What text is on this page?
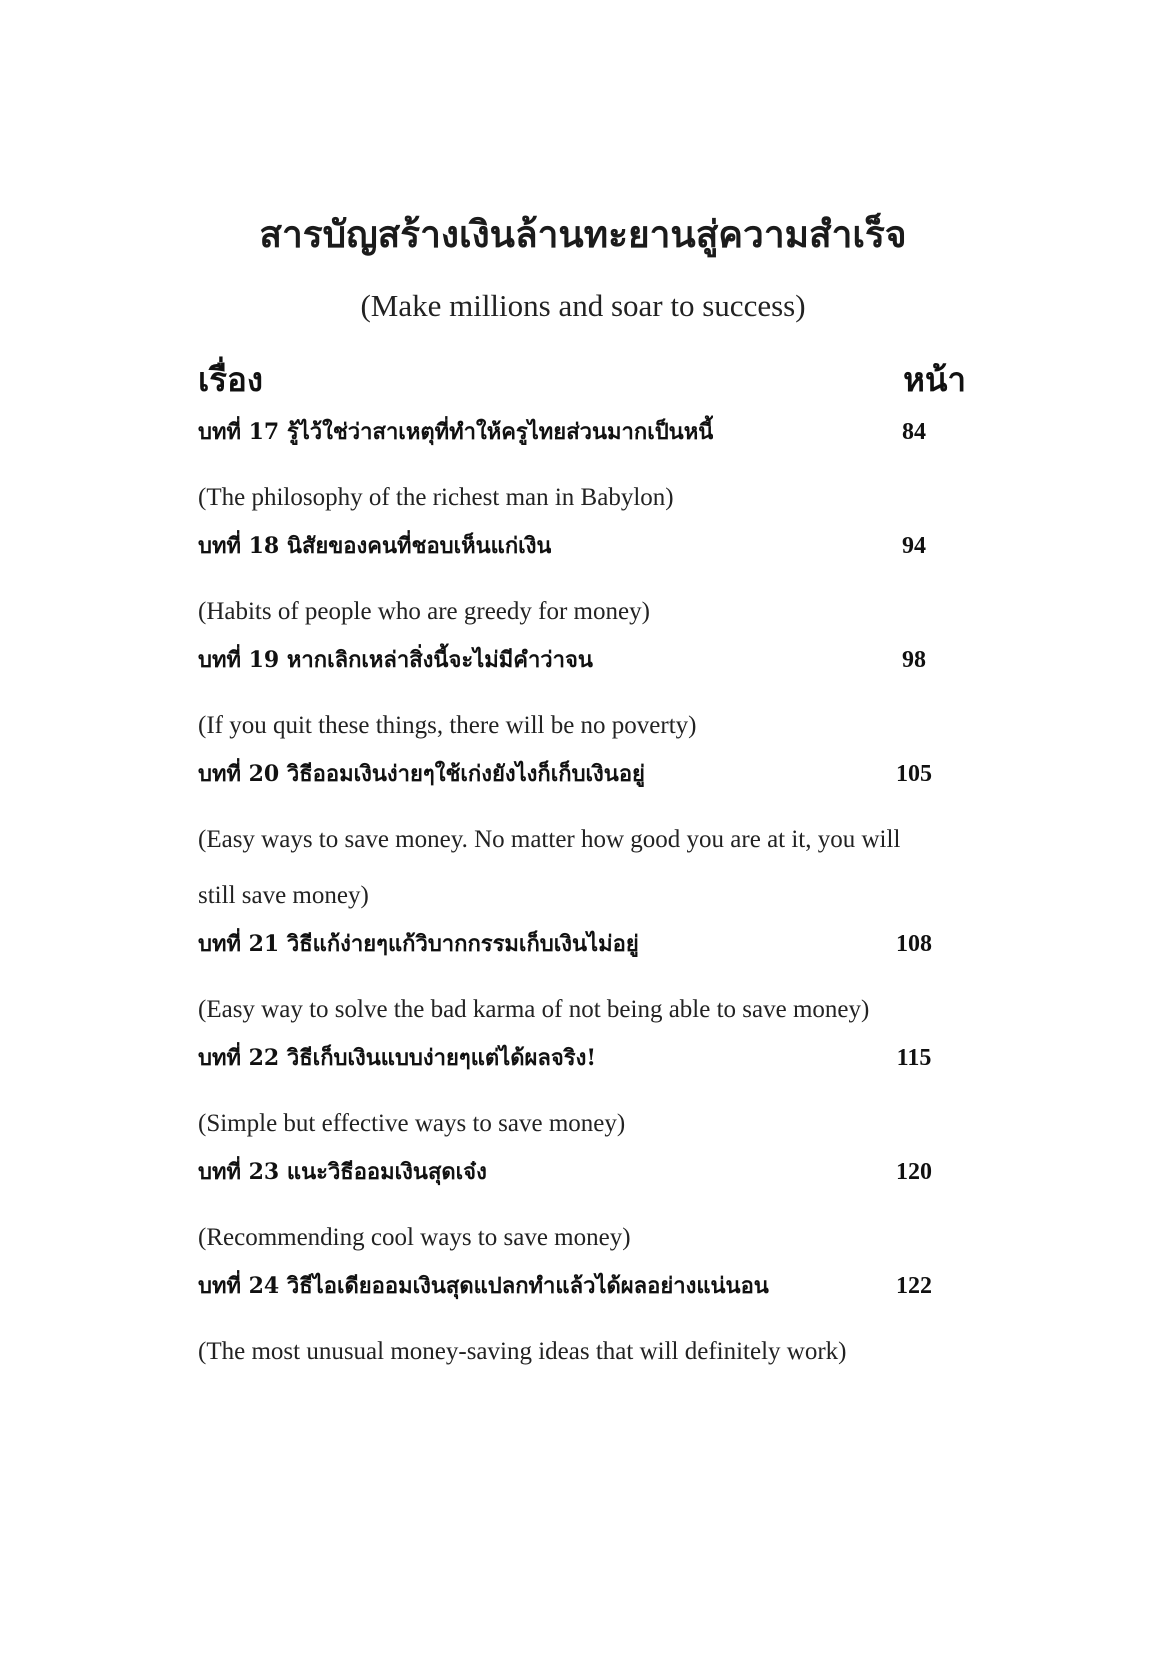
สารบัญสร้างเงินล้านทะยานสู่ความสำเร็จ
(Make millions and soar to success)
เรื่อง	หน้า
บทที่ 17 รู้ไว้ใช่ว่าสาเหตุที่ทำให้ครูไทยส่วนมากเป็นหนี้	84
(The philosophy of the richest man in Babylon)
บทที่ 18 นิสัยของคนที่ชอบเห็นแก่เงิน	94
(Habits of people who are greedy for money)
บทที่ 19 หากเลิกเหล่าสิ่งนี้จะไม่มีคำว่าจน	98
(If you quit these things, there will be no poverty)
บทที่ 20 วิธีออมเงินง่ายๆใช้เก่งยังไงก็เก็บเงินอยู่	105
(Easy ways to save money. No matter how good you are at it, you will still save money)
บทที่ 21 วิธีแก้ง่ายๆแก้วิบากกรรมเก็บเงินไม่อยู่	108
(Easy way to solve the bad karma of not being able to save money)
บทที่ 22 วิธีเก็บเงินแบบง่ายๆแต่ได้ผลจริง!	115
(Simple but effective ways to save money)
บทที่ 23 แนะวิธีออมเงินสุดเจ๋ง	120
(Recommending cool ways to save money)
บทที่ 24 วิธีไอเดียออมเงินสุดแปลกทำแล้วได้ผลอย่างแน่นอน	122
(The most unusual money-saving ideas that will definitely work)
